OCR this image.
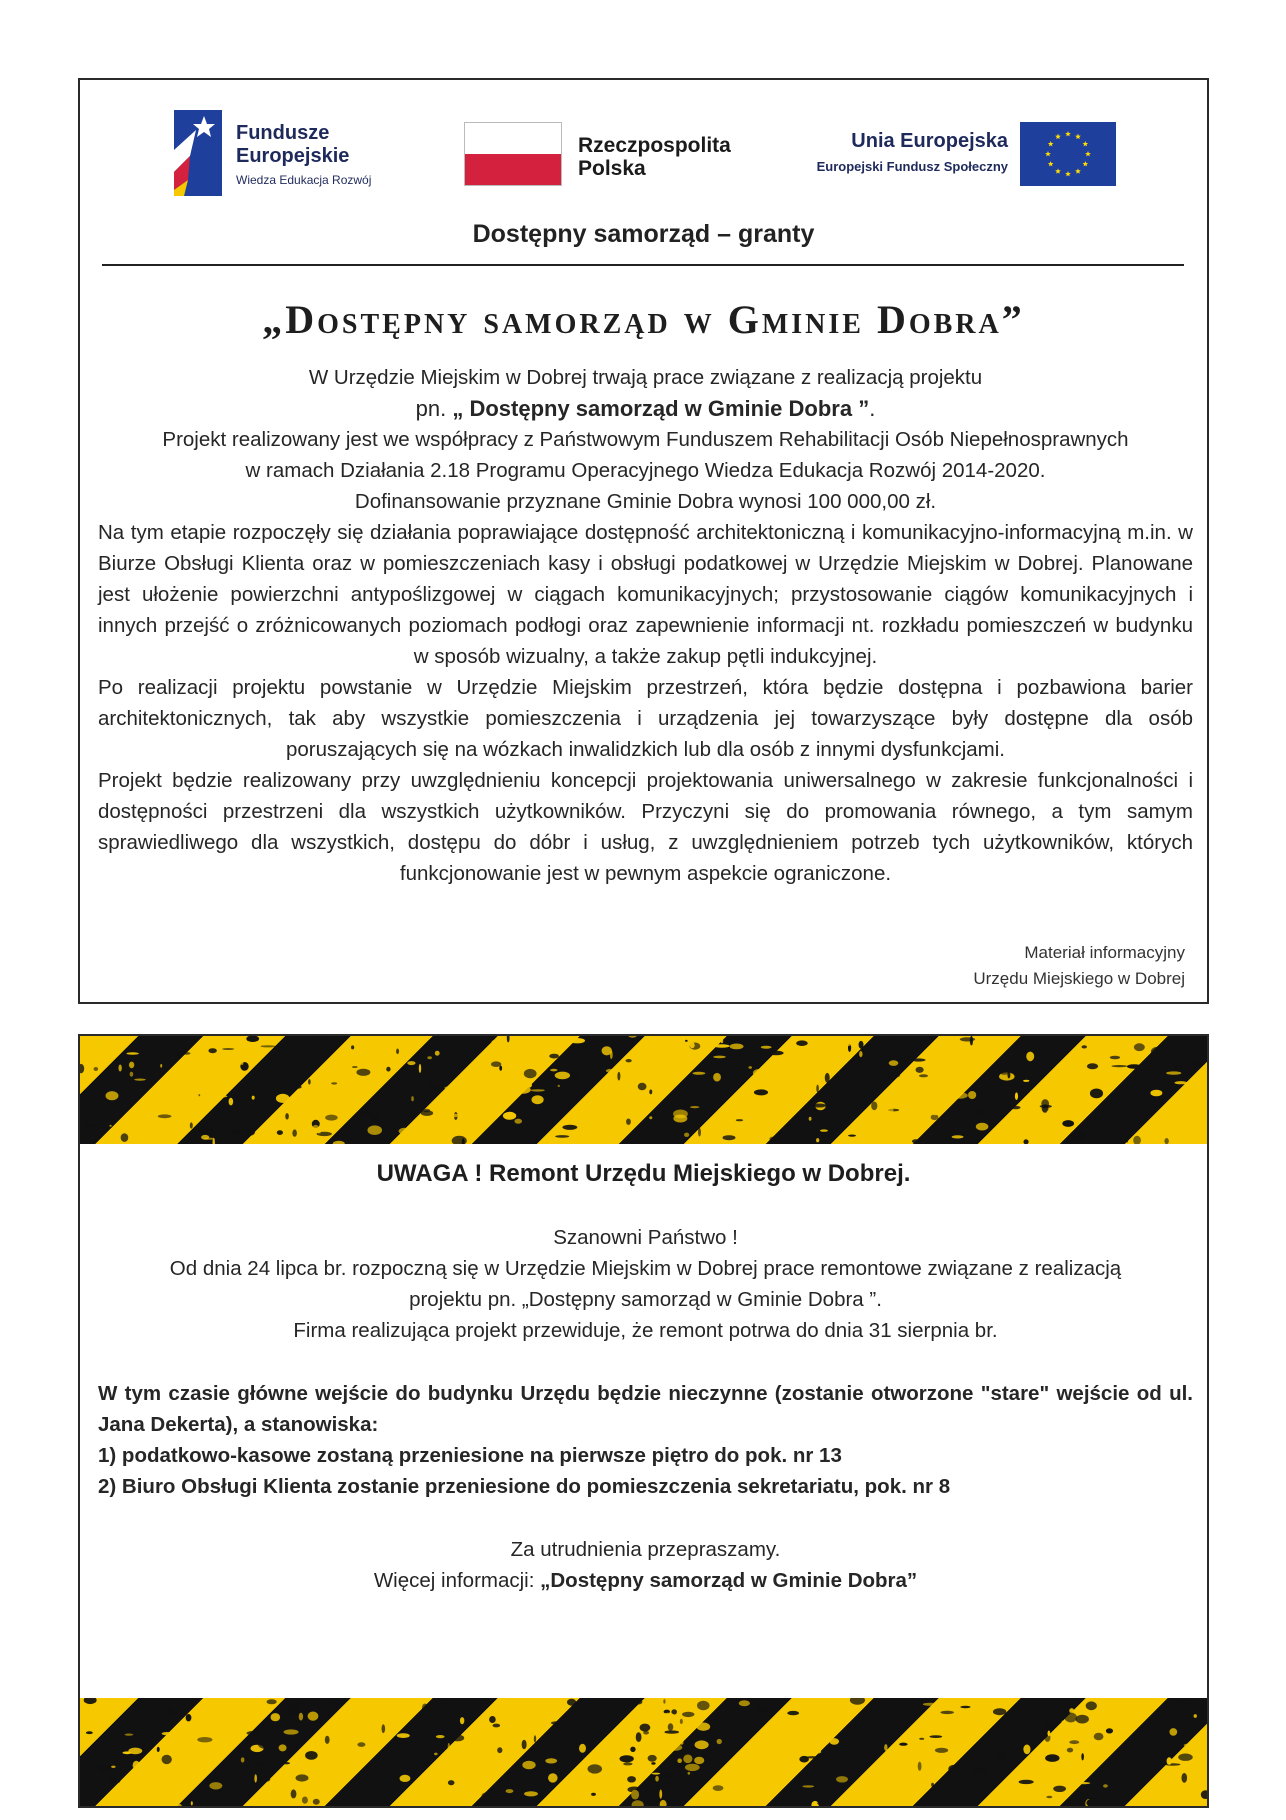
Fundusze
Europejskie
Wiedza Edukacja Rozwój
Rzeczpospolita
Polska
Unia Europejska
Europejski Fundusz Społeczny
Dostępny samorząd – granty
„Dostępny samorząd w Gminie Dobra”

W Urzędzie Miejskim w Dobrej trwają prace związane z realizacją projektu

pn. „ Dostępny samorząd w Gminie Dobra ”.

Projekt realizowany jest we współpracy z Państwowym Funduszem Rehabilitacji Osób Niepełnosprawnych

w ramach Działania 2.18 Programu Operacyjnego Wiedza Edukacja Rozwój 2014-2020.

Dofinansowanie przyznane Gminie Dobra wynosi 100 000,00 zł.

Na tym etapie rozpoczęły się działania poprawiające dostępność architektoniczną i komunikacyjno-informacyjną m.in. w Biurze Obsługi Klienta oraz w pomieszczeniach kasy i obsługi podatkowej w Urzędzie Miejskim w Dobrej. Planowane jest ułożenie powierzchni antypoślizgowej w ciągach komunikacyjnych; przystosowanie ciągów komunikacyjnych i innych przejść o zróżnicowanych poziomach podłogi oraz zapewnienie informacji nt. rozkładu pomieszczeń w budynku w sposób wizualny, a także zakup pętli indukcyjnej.

Po realizacji projektu powstanie w Urzędzie Miejskim przestrzeń, która będzie dostępna i pozbawiona barier architektonicznych, tak aby wszystkie pomieszczenia i urządzenia jej towarzyszące były dostępne dla osób poruszających się na wózkach inwalidzkich lub dla osób z innymi dysfunkcjami.

Projekt będzie realizowany przy uwzględnieniu koncepcji projektowania uniwersalnego w zakresie funkcjonalności i dostępności przestrzeni dla wszystkich użytkowników. Przyczyni się do promowania równego, a tym samym sprawiedliwego dla wszystkich, dostępu do dóbr i usług, z uwzględnieniem potrzeb tych użytkowników, których funkcjonowanie jest w pewnym aspekcie ograniczone.

Materiał informacyjny
Urzędu Miejskiego w Dobrej
UWAGA ! Remont Urzędu Miejskiego w Dobrej.

Szanowni Państwo !

Od dnia 24 lipca br. rozpoczną się w Urzędzie Miejskim w Dobrej prace remontowe związane z realizacją

projektu pn. „Dostępny samorząd w Gminie Dobra ”.

Firma realizująca projekt przewiduje, że remont potrwa do dnia 31 sierpnia br.

W tym czasie główne wejście do budynku Urzędu będzie nieczynne (zostanie otworzone "stare" wejście od ul. Jana Dekerta), a stanowiska:

1) podatkowo-kasowe zostaną przeniesione na pierwsze piętro do pok. nr 13

2) Biuro Obsługi Klienta zostanie przeniesione do pomieszczenia sekretariatu, pok. nr 8

Za utrudnienia przepraszamy.

Więcej informacji: „Dostępny samorząd w Gminie Dobra”
